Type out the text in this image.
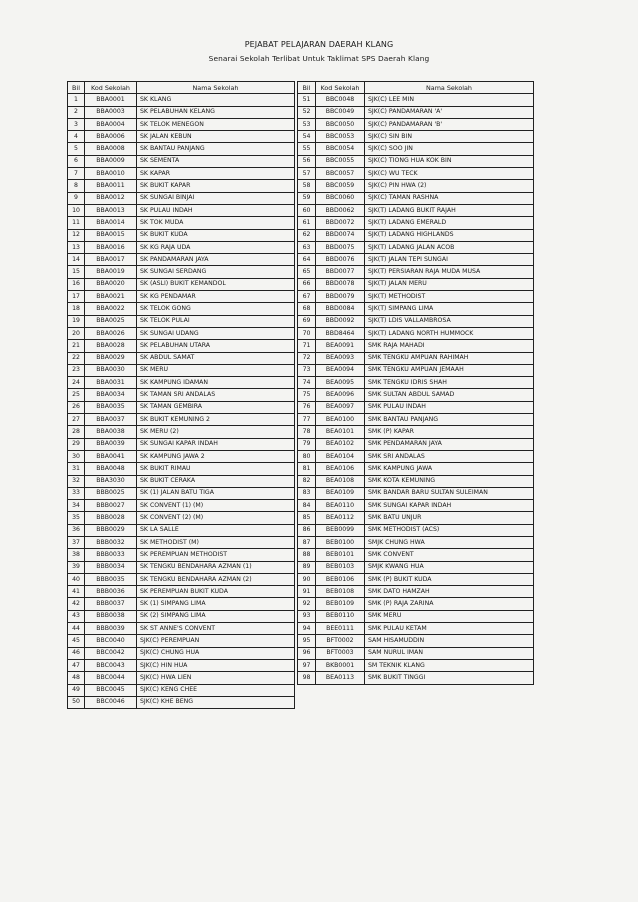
PEJABAT PELAJARAN DAERAH KLANG
Senarai Sekolah Terlibat Untuk Taklimat SPS Daerah Klang
Bil	Kod Sekolah	Nama Sekolah
1	BBA0001	SK KLANG
2	BBA0003	SK PELABUHAN KELANG
3	BBA0004	SK TELOK MENEGON
4	BBA0006	SK JALAN KEBUN
5	BBA0008	SK BANTAU PANJANG
6	BBA0009	SK SEMENTA
7	BBA0010	SK KAPAR
8	BBA0011	SK BUKIT KAPAR
9	BBA0012	SK SUNGAI BINJAI
10	BBA0013	SK PULAU INDAH
11	BBA0014	SK TOK MUDA
12	BBA0015	SK BUKIT KUDA
13	BBA0016	SK KG RAJA UDA
14	BBA0017	SK PANDAMARAN JAYA
15	BBA0019	SK SUNGAI SERDANG
16	BBA0020	SK (ASLI) BUKIT KEMANDOL
17	BBA0021	SK KG PENDAMAR
18	BBA0022	SK TELOK GONG
19	BBA0025	SK TELOK PULAI
20	BBA0026	SK SUNGAI UDANG
21	BBA0028	SK PELABUHAN UTARA
22	BBA0029	SK ABDUL SAMAT
23	BBA0030	SK MERU
24	BBA0031	SK KAMPUNG IDAMAN
25	BBA0034	SK TAMAN SRI ANDALAS
26	BBA0035	SK TAMAN GEMBIRA
27	BBA0037	SK BUKIT KEMUNING 2
28	BBA0038	SK MERU (2)
29	BBA0039	SK SUNGAI KAPAR INDAH
30	BBA0041	SK KAMPUNG JAWA 2
31	BBA0048	SK BUKIT RIMAU
32	BBA3030	SK BUKIT CERAKA
33	BBB0025	SK (1) JALAN BATU TIGA
34	BBB0027	SK CONVENT (1) (M)
35	BBB0028	SK CONVENT (2) (M)
36	BBB0029	SK LA SALLE
37	BBB0032	SK METHODIST (M)
38	BBB0033	SK PEREMPUAN METHODIST
39	BBB0034	SK TENGKU BENDAHARA AZMAN (1)
40	BBB0035	SK TENGKU BENDAHARA AZMAN (2)
41	BBB0036	SK PEREMPUAN BUKIT KUDA
42	BBB0037	SK (1) SIMPANG LIMA
43	BBB0038	SK (2) SIMPANG LIMA
44	BBB0039	SK ST ANNE'S CONVENT
45	BBC0040	SJK(C) PEREMPUAN
46	BBC0042	SJK(C) CHUNG HUA
47	BBC0043	SJK(C) HIN HUA
48	BBC0044	SJK(C) HWA LIEN
49	BBC0045	SJK(C) KENG CHEE
50	BBC0046	SJK(C) KHE BENG
Bil	Kod Sekolah	Nama Sekolah
51	BBC0048	SJK(C) LEE MIN
52	BBC0049	SJK(C) PANDAMARAN 'A'
53	BBC0050	SJK(C) PANDAMARAN 'B'
54	BBC0053	SJK(C) SIN BIN
55	BBC0054	SJK(C) SOO JIN
56	BBC0055	SJK(C) TIONG HUA KOK BIN
57	BBC0057	SJK(C) WU TECK
58	BBC0059	SJK(C) PIN HWA (2)
59	BBC0060	SJK(C) TAMAN RASHNA
60	BBD0062	SJK(T) LADANG BUKIT RAJAH
61	BBD0072	SJK(T) LADANG EMERALD
62	BBD0074	SJK(T) LADANG HIGHLANDS
63	BBD0075	SJK(T) LADANG JALAN ACOB
64	BBD0076	SJK(T) JALAN TEPI SUNGAI
65	BBD0077	SJK(T) PERSIARAN RAJA MUDA MUSA
66	BBD0078	SJK(T) JALAN MERU
67	BBD0079	SJK(T) METHODIST
68	BBD0084	SJK(T) SIMPANG LIMA
69	BBD0092	SJK(T) LDIS VALLAMBROSA
70	BBD8464	SJK(T) LADANG NORTH HUMMOCK
71	BEA0091	SMK RAJA MAHADI
72	BEA0093	SMK TENGKU AMPUAN RAHIMAH
73	BEA0094	SMK TENGKU AMPUAN JEMAAH
74	BEA0095	SMK TENGKU IDRIS SHAH
75	BEA0096	SMK SULTAN ABDUL SAMAD
76	BEA0097	SMK PULAU INDAH
77	BEA0100	SMK BANTAU PANJANG
78	BEA0101	SMK (P) KAPAR
79	BEA0102	SMK PENDAMARAN JAYA
80	BEA0104	SMK SRI ANDALAS
81	BEA0106	SMK KAMPUNG JAWA
82	BEA0108	SMK KOTA KEMUNING
83	BEA0109	SMK BANDAR BARU SULTAN SULEIMAN
84	BEA0110	SMK SUNGAI KAPAR INDAH
85	BEA0112	SMK BATU UNJUR
86	BEB0099	SMK METHODIST (ACS)
87	BEB0100	SMJK CHUNG HWA
88	BEB0101	SMK CONVENT
89	BEB0103	SMJK KWANG HUA
90	BEB0106	SMK (P) BUKIT KUDA
91	BEB0108	SMK DATO HAMZAH
92	BEB0109	SMK (P) RAJA ZARINA
93	BEB0110	SMK MERU
94	BEE0111	SMK PULAU KETAM
95	BFT0002	SAM HISAMUDDIN
96	BFT0003	SAM NURUL IMAN
97	BKB0001	SM TEKNIK KLANG
98	BEA0113	SMK BUKIT TINGGI
